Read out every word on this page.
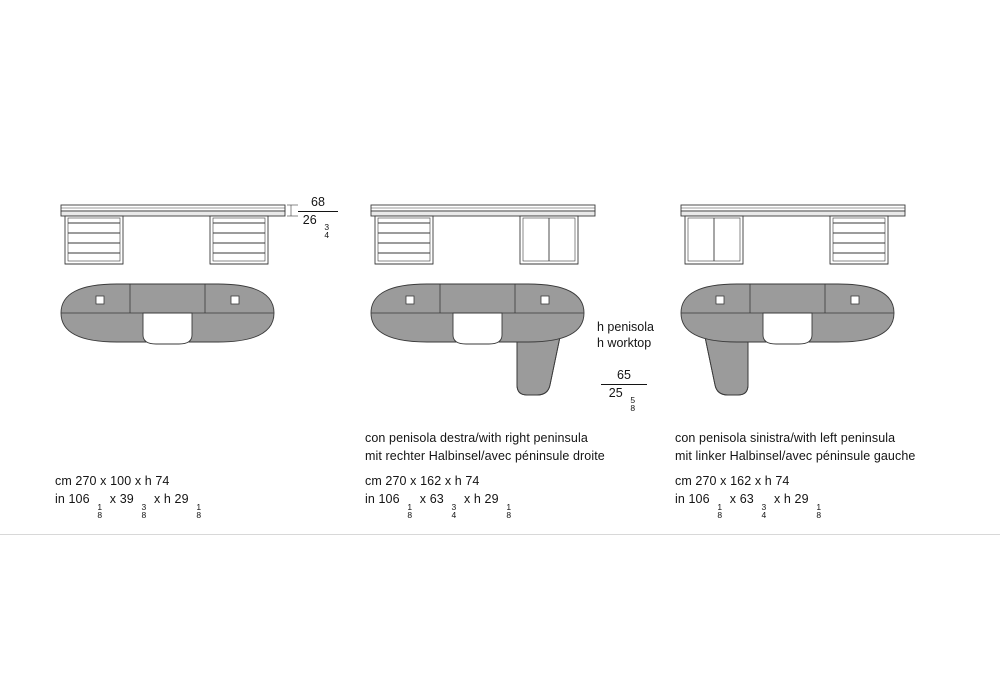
68
26 3
4
cm 270 x 100 x h 74
in 106
1
8
x 39
3
8
x h 29
1
8
h penisola
h worktop
65
25 5
8
con penisola destra/with right peninsula
mit rechter Halbinsel/avec péninsule droite
cm 270 x 162 x h 74
in 106
1
8
x 63
3
4
x h 29
1
8
con penisola sinistra/with left peninsula
mit linker Halbinsel/avec péninsule gauche
cm 270 x 162 x h 74
in 106
1
8
x 63
3
4
x h 29
1
8
